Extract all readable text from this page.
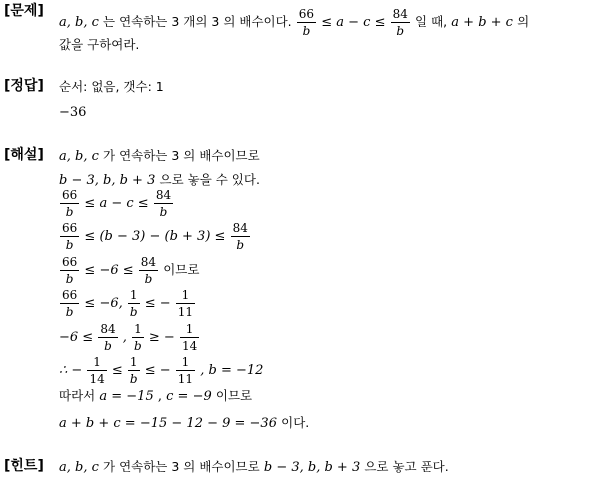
[문제]
a, b, c 는 연속하는 3 개의 3 의 배수이다. $\frac{66}{b} \le a - c \le \frac{84}{b}$ 일 때, a + b + c 의
값을 구하여라.
[정답] 순서: 없음, 갯수: 1
−36
[해설] a, b, c 가 연속하는 3 의 배수이므로
b − 3, b, b + 3 으로 놓을 수 있다.
$\frac{66}{b} \le a - c \le \frac{84}{b}$
$\frac{66}{b} \le (b - 3) - (b + 3) \le \frac{84}{b}$
$\frac{66}{b} \le -6 \le \frac{84}{b}$ 이므로
$\frac{66}{b} \le -6$, $\frac{1}{b}$ ≤ − $\frac{1}{11}$
$-6 \le \frac{84}{b}$ , $\frac{1}{b}$ ≥ − $\frac{1}{14}$
∴ − $\frac{1}{14} \le \frac{1}{b}$ ≤ − $\frac{1}{11}$ , b = −12
따라서 a = −15 , c = −9 이므로
a + b + c = −15 − 12 − 9 = −36 이다.
[힌트] a, b, c 가 연속하는 3 의 배수이므로 b − 3, b, b + 3 으로 놓고 푼다.
